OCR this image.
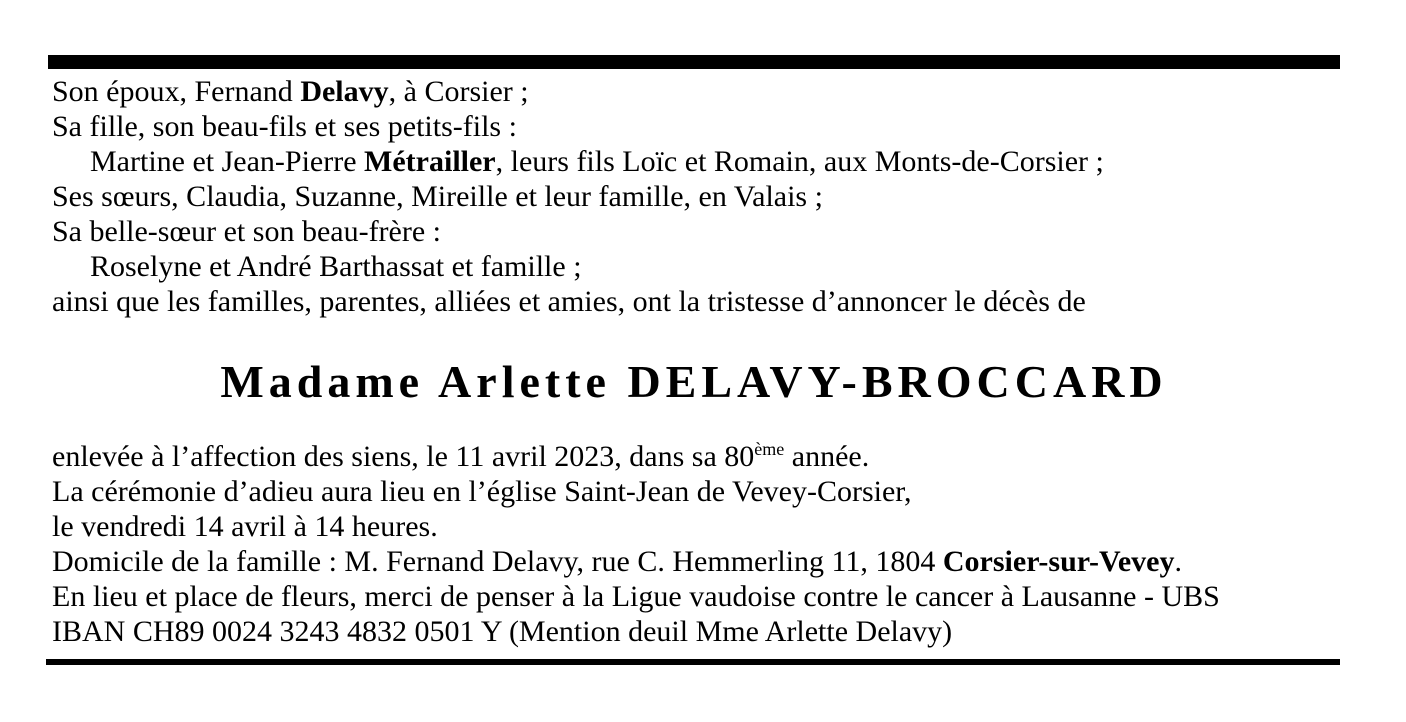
Son époux, Fernand Delavy, à Corsier ;
Sa fille, son beau-fils et ses petits-fils :
Martine et Jean-Pierre Métrailler, leurs fils Loïc et Romain, aux Monts-de-Corsier ;
Ses sœurs, Claudia, Suzanne, Mireille et leur famille, en Valais ;
Sa belle-sœur et son beau-frère :
Roselyne et André Barthassat et famille ;
ainsi que les familles, parentes, alliées et amies, ont la tristesse d’annoncer le décès de
Madame Arlette DELAVY-BROCCARD
enlevée à l’affection des siens, le 11 avril 2023, dans sa 80ème année.
La cérémonie d’adieu aura lieu en l’église Saint-Jean de Vevey-Corsier,
le vendredi 14 avril à 14 heures.
Domicile de la famille : M. Fernand Delavy, rue C. Hemmerling 11, 1804 Corsier-sur-Vevey.
En lieu et place de fleurs, merci de penser à la Ligue vaudoise contre le cancer à Lausanne - UBS
IBAN CH89 0024 3243 4832 0501 Y (Mention deuil Mme Arlette Delavy)
